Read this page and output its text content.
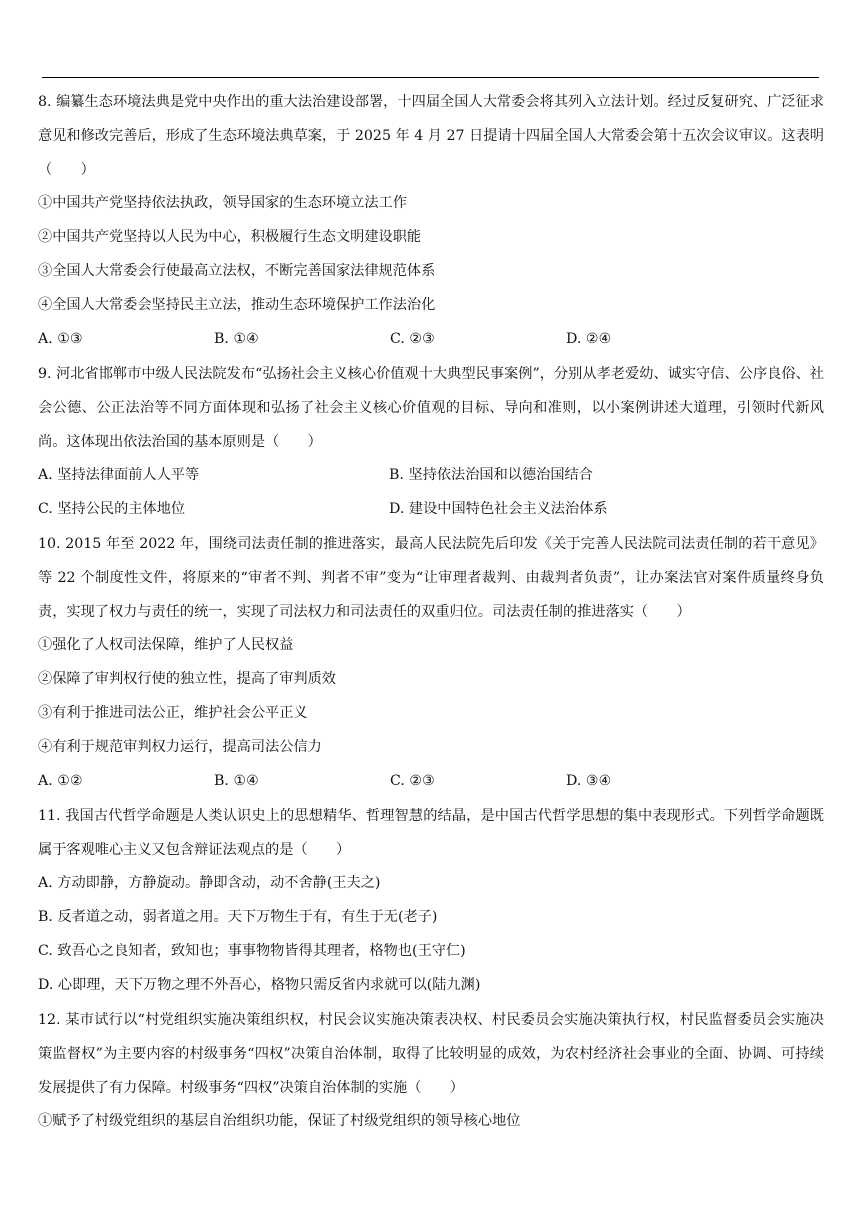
8. 编纂生态环境法典是党中央作出的重大法治建设部署，十四届全国人大常委会将其列入立法计划。经过反复研究、广泛征求意见和修改完善后，形成了生态环境法典草案，于 2025 年 4 月 27 日提请十四届全国人大常委会第十五次会议审议。这表明（　　）
①中国共产党坚持依法执政，领导国家的生态环境立法工作
②中国共产党坚持以人民为中心，积极履行生态文明建设职能
③全国人大常委会行使最高立法权，不断完善国家法律规范体系
④全国人大常委会坚持民主立法，推动生态环境保护工作法治化
A. ①③	B. ①④	C. ②③	D. ②④
9. 河北省邯郸市中级人民法院发布“弘扬社会主义核心价值观十大典型民事案例”，分别从孝老爱幼、诚实守信、公序良俗、社会公德、公正法治等不同方面体现和弘扬了社会主义核心价值观的目标、导向和准则，以小案例讲述大道理，引领时代新风尚。这体现出依法治国的基本原则是（　　）
A. 坚持法律面前人人平等	B. 坚持依法治国和以德治国结合
C. 坚持公民的主体地位	D. 建设中国特色社会主义法治体系
10. 2015 年至 2022 年，围绕司法责任制的推进落实，最高人民法院先后印发《关于完善人民法院司法责任制的若干意见》等 22 个制度性文件，将原来的“审者不判、判者不审”变为“让审理者裁判、由裁判者负责”，让办案法官对案件质量终身负责，实现了权力与责任的统一，实现了司法权力和司法责任的双重归位。司法责任制的推进落实（　　）
①强化了人权司法保障，维护了人民权益
②保障了审判权行使的独立性，提高了审判质效
③有利于推进司法公正，维护社会公平正义
④有利于规范审判权力运行，提高司法公信力
A. ①②	B. ①④	C. ②③	D. ③④
11. 我国古代哲学命题是人类认识史上的思想精华、哲理智慧的结晶，是中国古代哲学思想的集中表现形式。下列哲学命题既属于客观唯心主义又包含辩证法观点的是（　　）
A. 方动即静，方静旋动。静即含动，动不舍静(王夫之)
B. 反者道之动，弱者道之用。天下万物生于有，有生于无(老子)
C. 致吾心之良知者，致知也；事事物物皆得其理者，格物也(王守仁)
D. 心即理，天下万物之理不外吾心，格物只需反省内求就可以(陆九渊)
12. 某市试行以“村党组织实施决策组织权，村民会议实施决策表决权、村民委员会实施决策执行权，村民监督委员会实施决策监督权”为主要内容的村级事务“四权”决策自治体制，取得了比较明显的成效，为农村经济社会事业的全面、协调、可持续发展提供了有力保障。村级事务“四权”决策自治体制的实施（　　）
①赋予了村级党组织的基层自治组织功能，保证了村级党组织的领导核心地位
